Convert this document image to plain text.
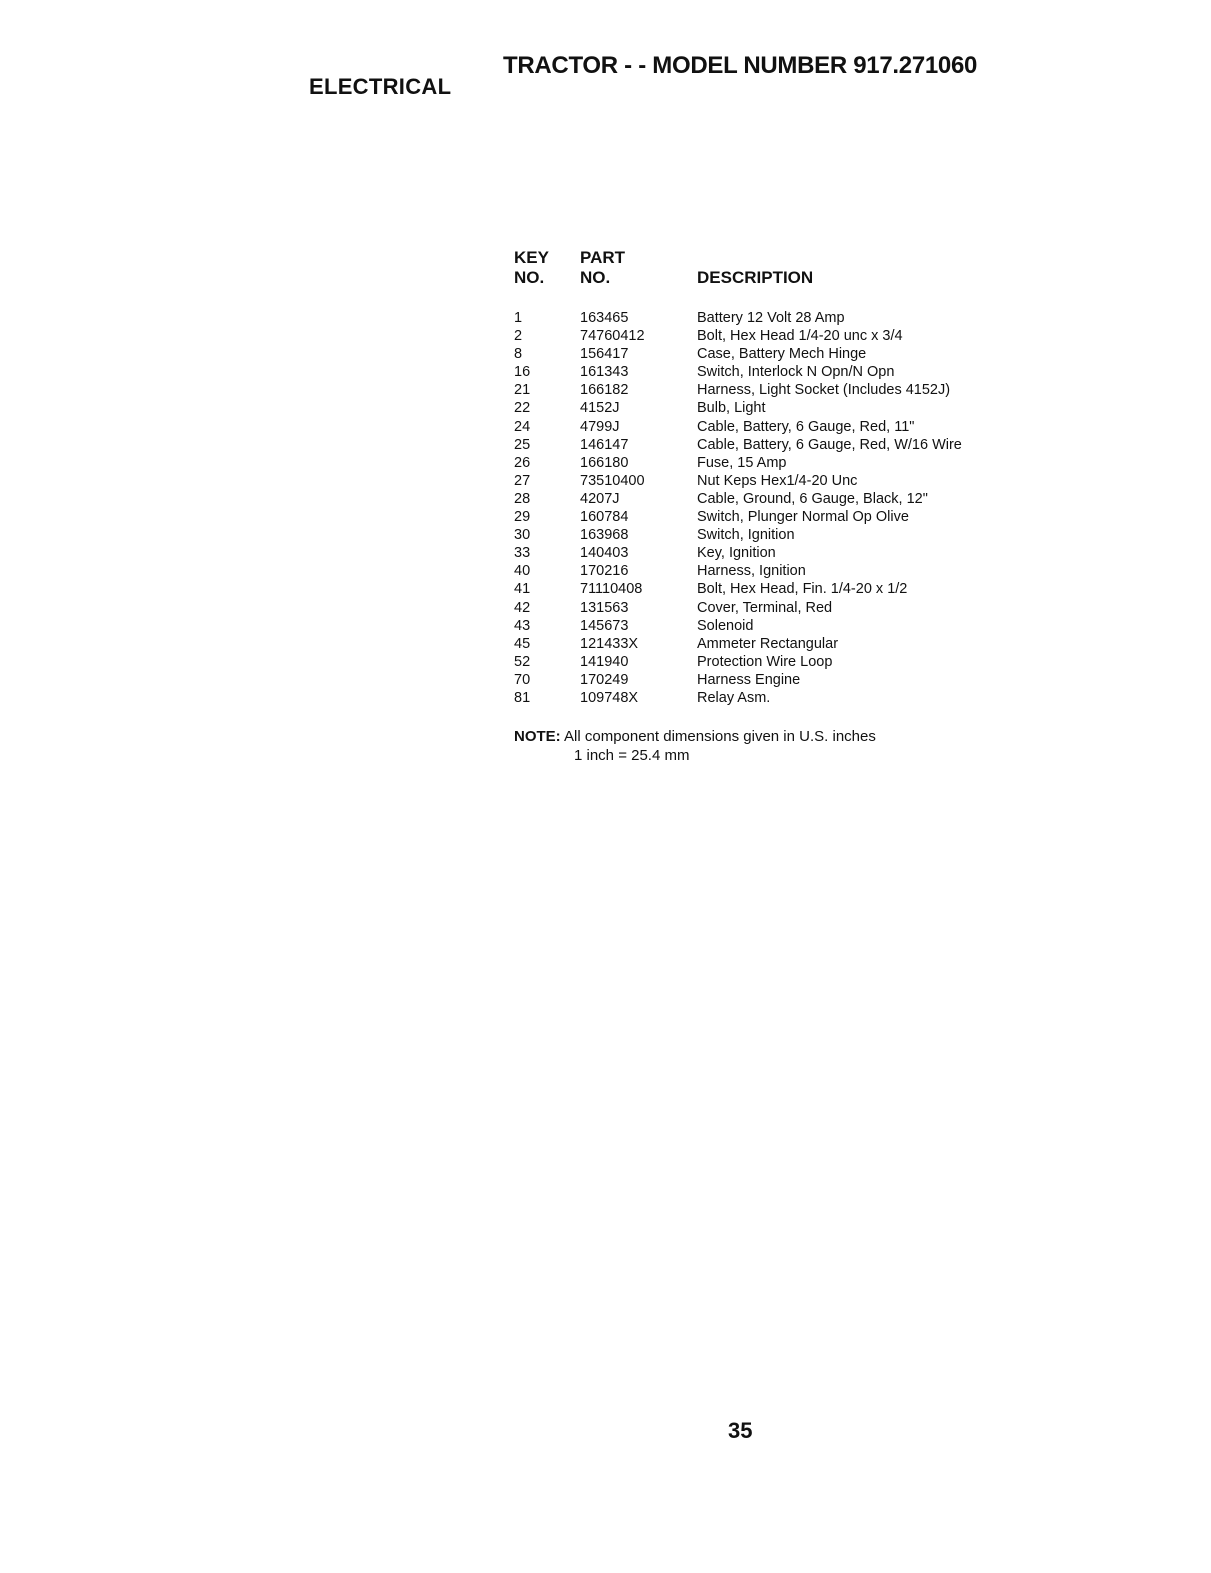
ELECTRICAL
TRACTOR - - MODEL NUMBER 917.271060
KEY
NO.
PART
NO.	DESCRIPTION
1	163465	Battery 12 Volt 28 Amp
2	74760412	Bolt, Hex Head 1/4-20 unc x 3/4
8	156417	Case, Battery Mech Hinge
16	161343	Switch, Interlock N Opn/N Opn
21	166182	Harness, Light Socket (Includes 4152J)
22	4152J	Bulb, Light
24	4799J	Cable, Battery, 6 Gauge, Red, 11"
25	146147	Cable, Battery, 6 Gauge, Red, W/16 Wire
26	166180	Fuse, 15 Amp
27	73510400	Nut Keps Hex1/4-20 Unc
28	4207J	Cable, Ground, 6 Gauge, Black, 12"
29	160784	Switch, Plunger Normal Op Olive
30	163968	Switch, Ignition
33	140403	Key, Ignition
40	170216	Harness, Ignition
41	71110408	Bolt, Hex Head, Fin. 1/4-20 x 1/2
42	131563	Cover, Terminal, Red
43	145673	Solenoid
45	121433X	Ammeter Rectangular
52	141940	Protection Wire Loop
70	170249	Harness Engine
81	109748X	Relay Asm.
NOTE: All component dimensions given in U.S. inches
1 inch = 25.4 mm
35
